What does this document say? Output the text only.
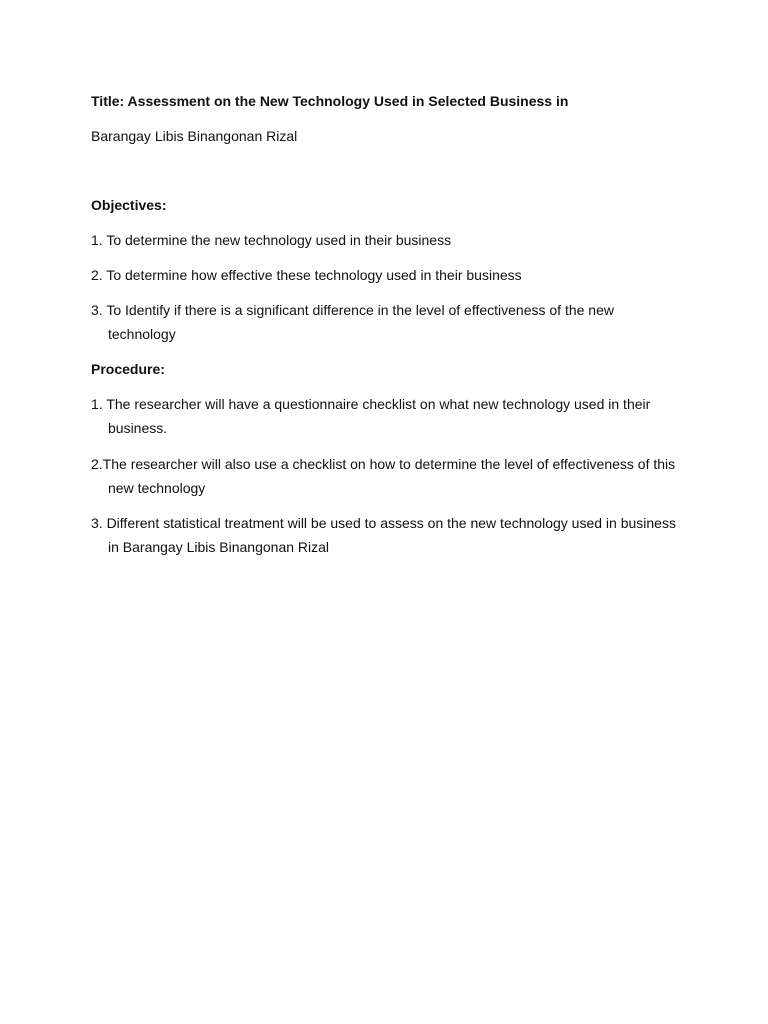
Title: Assessment on the New Technology Used in Selected Business in
Barangay Libis Binangonan Rizal
Objectives:
1. To determine the new technology used in their business
2. To determine how effective these technology used in their business
3. To Identify if there is a significant difference in the level of effectiveness of the new
technology
Procedure:
1. The researcher will have a questionnaire checklist on what new technology used in their
business.
2.The researcher will also use a checklist on how to determine the level of effectiveness of this
new technology
3. Different statistical treatment will be used to assess on the new technology used in business
in Barangay Libis Binangonan Rizal
